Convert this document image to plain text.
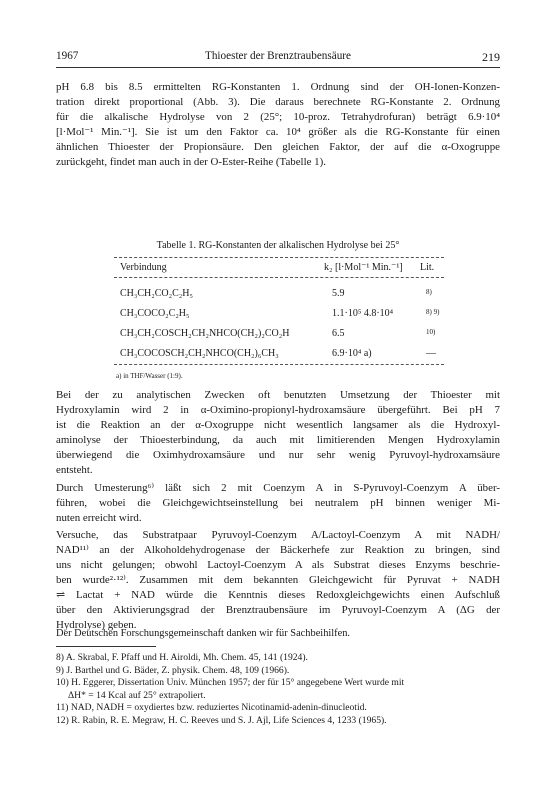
1967	Thioester der Brenztraubensäure	219
pH 6.8 bis 8.5 ermittelten RG-Konstanten 1. Ordnung sind der OH-Ionen-Konzen-
tration direkt proportional (Abb. 3). Die daraus berechnete RG-Konstante 2. Ordnung
für die alkalische Hydrolyse von 2 (25°; 10-proz. Tetrahydrofuran) beträgt 6.9·10⁴
[l·Mol⁻¹ Min.⁻¹]. Sie ist um den Faktor ca. 10⁴ größer als die RG-Konstante für einen
ähnlichen Thioester der Propionsäure. Den gleichen Faktor, der auf die α-Oxogruppe
zurückgeht, findet man auch in der O-Ester-Reihe (Tabelle 1).
Tabelle 1. RG-Konstanten der alkalischen Hydrolyse bei 25°
Verbindung	k₂ [l·Mol⁻¹ Min.⁻¹] Lit.
CH₃CH₂CO₂C₂H₅	5.9	8)
CH₃COCO₂C₂H₅	1.1·10⁵ 4.8·10⁴	8) 9)
CH₃CH₂COSCH₂CH₂NHCO(CH₂)₂CO₂H	6.5	10)
CH₃COCOSCH₂CH₂NHCO(CH₂)₆CH₃	6.9·10⁴ a)	—
a) in THF/Wasser (1:9).
Bei der zu analytischen Zwecken oft benutzten Umsetzung der Thioester mit
Hydroxylamin wird 2 in α-Oximino-propionyl-hydroxamsäure übergeführt. Bei pH 7
ist die Reaktion an der α-Oxogruppe nicht wesentlich langsamer als die Hydroxyl-
aminolyse der Thioesterbindung, da auch mit limitierenden Mengen Hydroxylamin
überwiegend die Oximhydroxamsäure und nur sehr wenig Pyruvoyl-hydroxamsäure
entsteht.
Durch Umesterung⁶⁾ läßt sich 2 mit Coenzym A in S-Pyruvoyl-Coenzym A über-
führen, wobei die Gleichgewichtseinstellung bei neutralem pH binnen weniger Mi-
nuten erreicht wird.
Versuche, das Substratpaar Pyruvoyl-Coenzym A/Lactoyl-Coenzym A mit NADH/
NAD¹¹⁾ an der Alkoholdehydrogenase der Bäckerhefe zur Reaktion zu bringen, sind
uns nicht gelungen; obwohl Lactoyl-Coenzym A als Substrat dieses Enzyms beschrie-
ben wurde²·¹²⁾. Zusammen mit dem bekannten Gleichgewicht für Pyruvat + NADH
⇌ Lactat + NAD würde die Kenntnis dieses Redoxgleichgewichts einen Aufschluß
über den Aktivierungsgrad der Brenztraubensäure im Pyruvoyl-Coenzym A (ΔG der
Hydrolyse) geben.
Der Deutschen Forschungsgemeinschaft danken wir für Sachbeihilfen.
8) A. Skrabal, F. Pfaff und H. Airoldi, Mh. Chem. 45, 141 (1924).
9) J. Barthel und G. Bäder, Z. physik. Chem. 48, 109 (1966).
10) H. Eggerer, Dissertation Univ. München 1957; der für 15° angegebene Wert wurde mit
ΔH* = 14 Kcal auf 25° extrapoliert.
11) NAD, NADH = oxydiertes bzw. reduziertes Nicotinamid-adenin-dinucleotid.
12) R. Rabin, R. E. Megraw, H. C. Reeves und S. J. Ajl, Life Sciences 4, 1233 (1965).
